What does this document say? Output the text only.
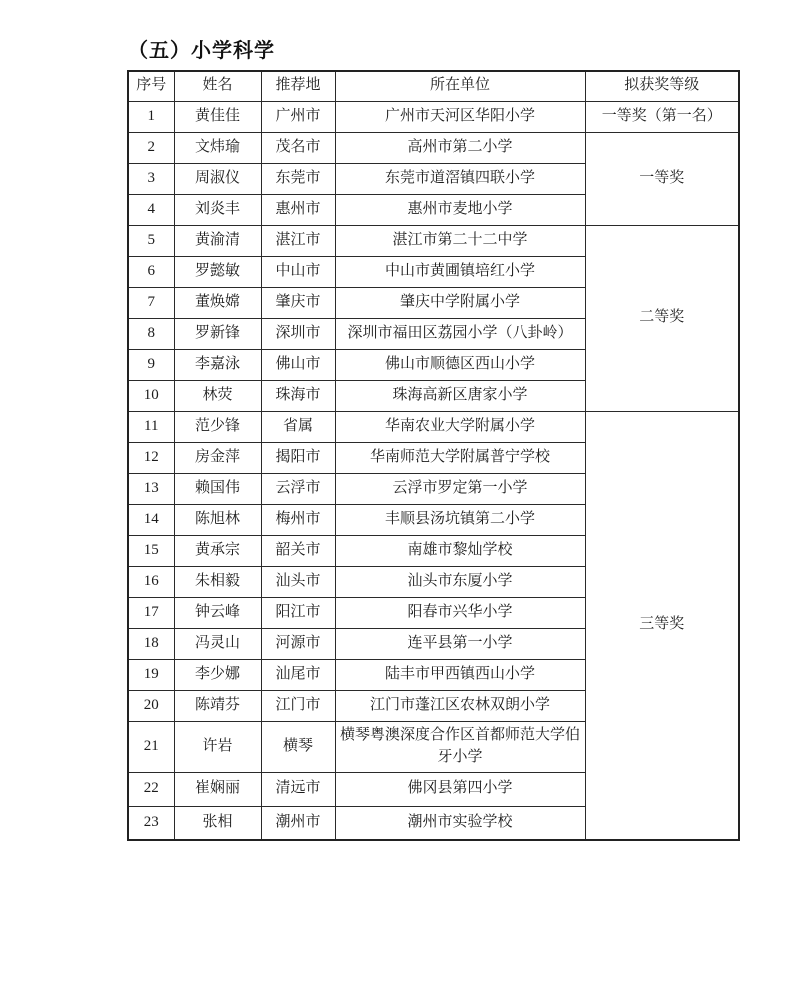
（五）小学科学
序号	姓名	推荐地	所在单位	拟获奖等级
1	黄佳佳	广州市	广州市天河区华阳小学	一等奖（第一名）
2	文炜瑜	茂名市	高州市第二小学	一等奖
3	周淑仪	东莞市	东莞市道滘镇四联小学	
4	刘炎丰	惠州市	惠州市麦地小学	
5	黄渝清	湛江市	湛江市第二十二中学	二等奖
6	罗懿敏	中山市	中山市黄圃镇培红小学	
7	董焕嫦	肇庆市	肇庆中学附属小学	
8	罗新锋	深圳市	深圳市福田区荔园小学（八卦岭）	
9	李嘉泳	佛山市	佛山市顺德区西山小学	
10	林荧	珠海市	珠海高新区唐家小学	
11	范少锋	省属	华南农业大学附属小学	三等奖
12	房金萍	揭阳市	华南师范大学附属普宁学校	
13	赖国伟	云浮市	云浮市罗定第一小学	
14	陈旭林	梅州市	丰顺县汤坑镇第二小学	
15	黄承宗	韶关市	南雄市黎灿学校	
16	朱相毅	汕头市	汕头市东厦小学	
17	钟云峰	阳江市	阳春市兴华小学	
18	冯灵山	河源市	连平县第一小学	
19	李少娜	汕尾市	陆丰市甲西镇西山小学	
20	陈靖芬	江门市	江门市蓬江区农林双朗小学	
21	许岩	横琴	横琴粤澳深度合作区首都师范大学伯牙小学	
22	崔娴丽	清远市	佛冈县第四小学	
23	张相	潮州市	潮州市实验学校	
